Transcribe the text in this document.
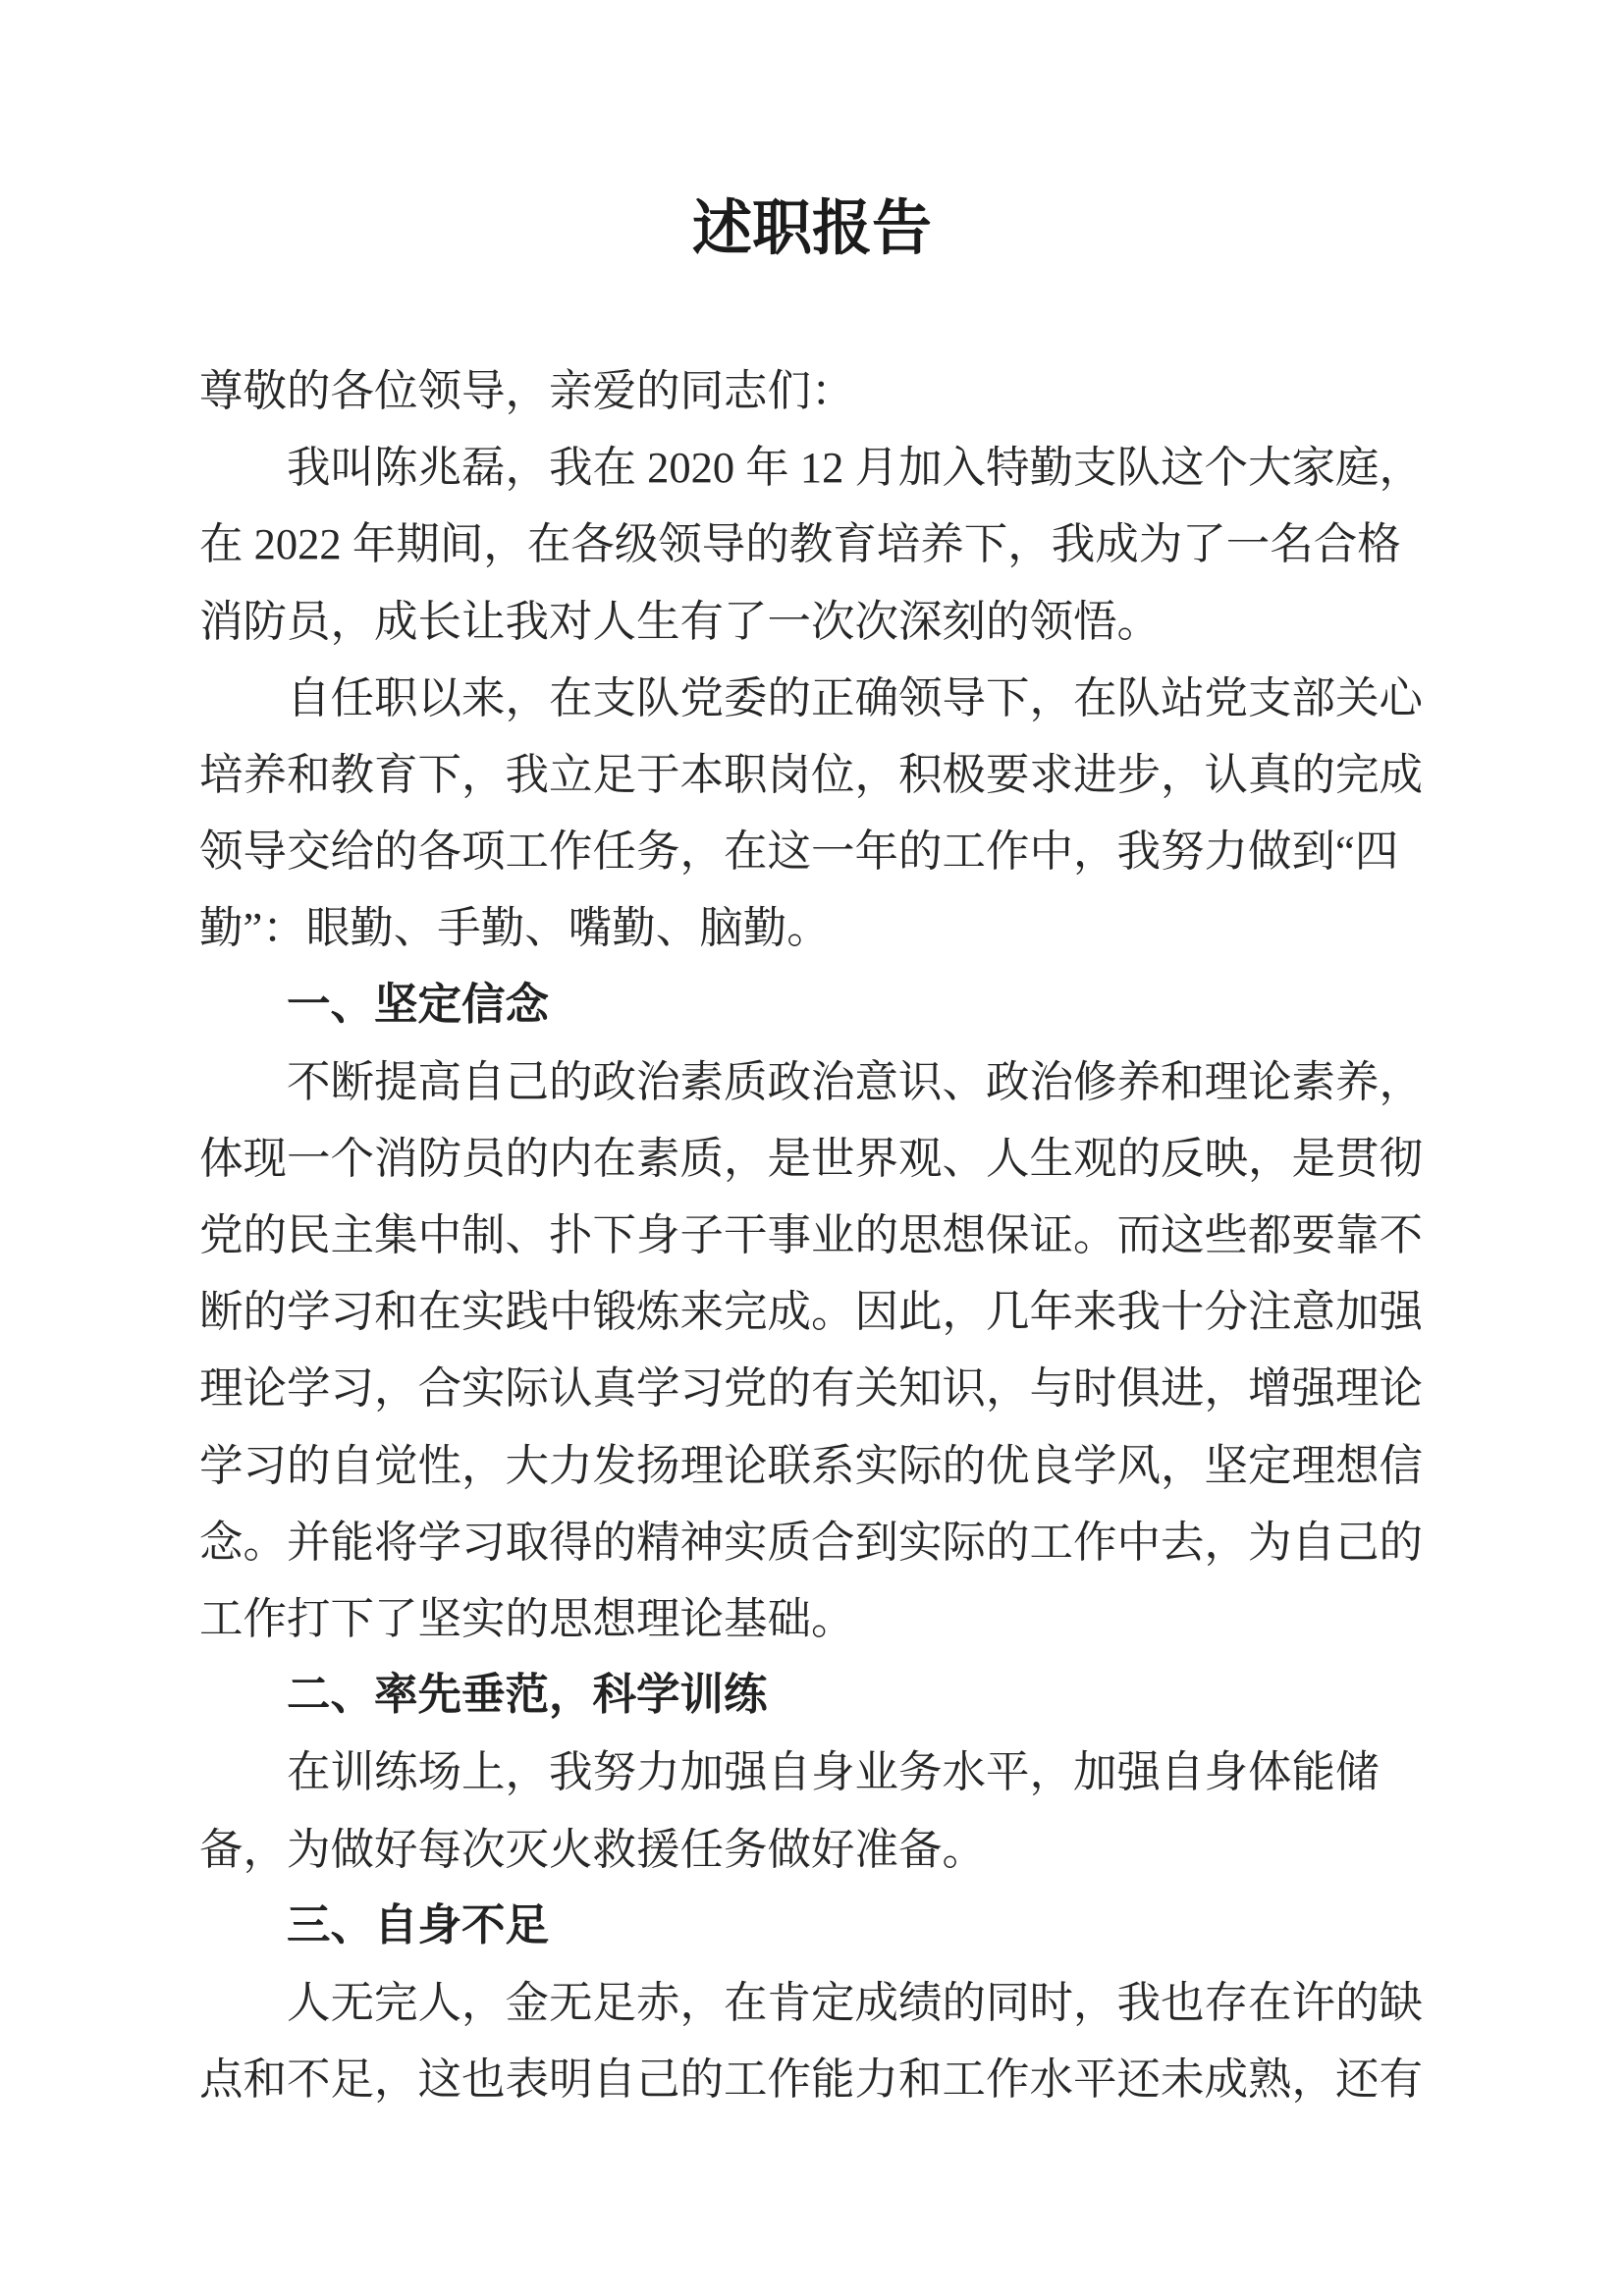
述职报告
尊敬的各位领导，亲爱的同志们：
我叫陈兆磊，我在 2020 年 12 月加入特勤支队这个大家庭，
在 2022 年期间，在各级领导的教育培养下，我成为了一名合格
消防员，成长让我对人生有了一次次深刻的领悟。
自任职以来，在支队党委的正确领导下，在队站党支部关心
培养和教育下，我立足于本职岗位，积极要求进步，认真的完成
领导交给的各项工作任务，在这一年的工作中，我努力做到“四
勤”：眼勤、手勤、嘴勤、脑勤。
一、坚定信念
不断提高自己的政治素质政治意识、政治修养和理论素养，
体现一个消防员的内在素质，是世界观、人生观的反映，是贯彻
党的民主集中制、扑下身子干事业的思想保证。而这些都要靠不
断的学习和在实践中锻炼来完成。因此，几年来我十分注意加强
理论学习，合实际认真学习党的有关知识，与时俱进，增强理论
学习的自觉性，大力发扬理论联系实际的优良学风，坚定理想信
念。并能将学习取得的精神实质合到实际的工作中去，为自己的
工作打下了坚实的思想理论基础。
二、率先垂范，科学训练
在训练场上，我努力加强自身业务水平，加强自身体能储
备，为做好每次灭火救援任务做好准备。
三、自身不足
人无完人，金无足赤，在肯定成绩的同时，我也存在许的缺
点和不足，这也表明自己的工作能力和工作水平还未成熟，还有
